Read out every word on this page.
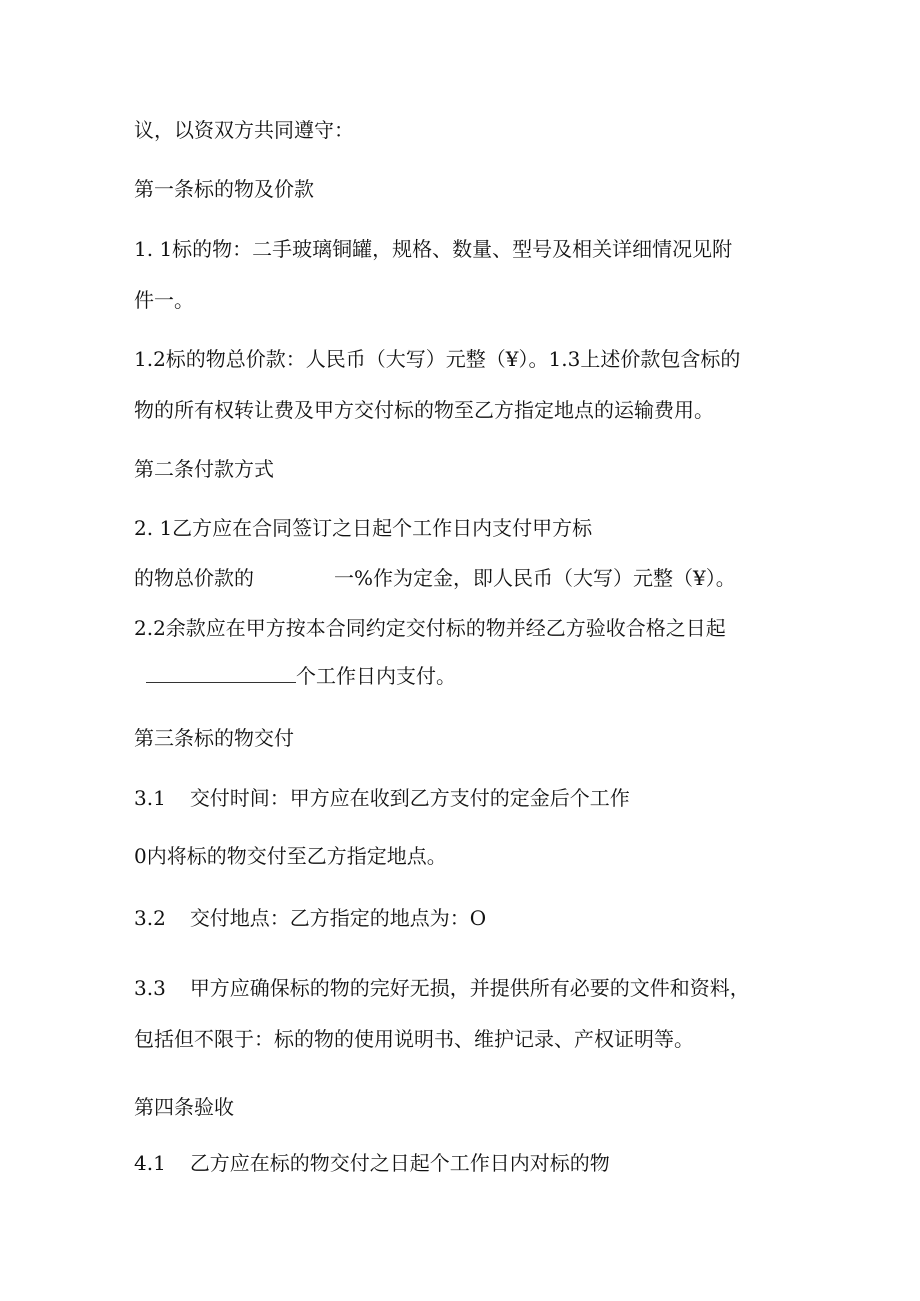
议，以资双方共同遵守：
第一条标的物及价款
1. 1标的物：二手玻璃铜罐，规格、数量、型号及相关详细情况见附
件一。
1.2标的物总价款：人民币（大写）元整（¥）。1.3上述价款包含标的
物的所有权转让费及甲方交付标的物至乙方指定地点的运输费用。
第二条付款方式
2. 1乙方应在合同签订之日起个工作日内支付甲方标
的物总价款的	一%作为定金，即人民币（大写）元整（¥）。
2.2余款应在甲方按本合同约定交付标的物并经乙方验收合格之日起
个工作日内支付。
第三条标的物交付
3.1 交付时间：甲方应在收到乙方支付的定金后个工作
0内将标的物交付至乙方指定地点。
3.2 交付地点：乙方指定的地点为：O
3.3 甲方应确保标的物的完好无损，并提供所有必要的文件和资料，
包括但不限于：标的物的使用说明书、维护记录、产权证明等。
第四条验收
4.1 乙方应在标的物交付之日起个工作日内对标的物
